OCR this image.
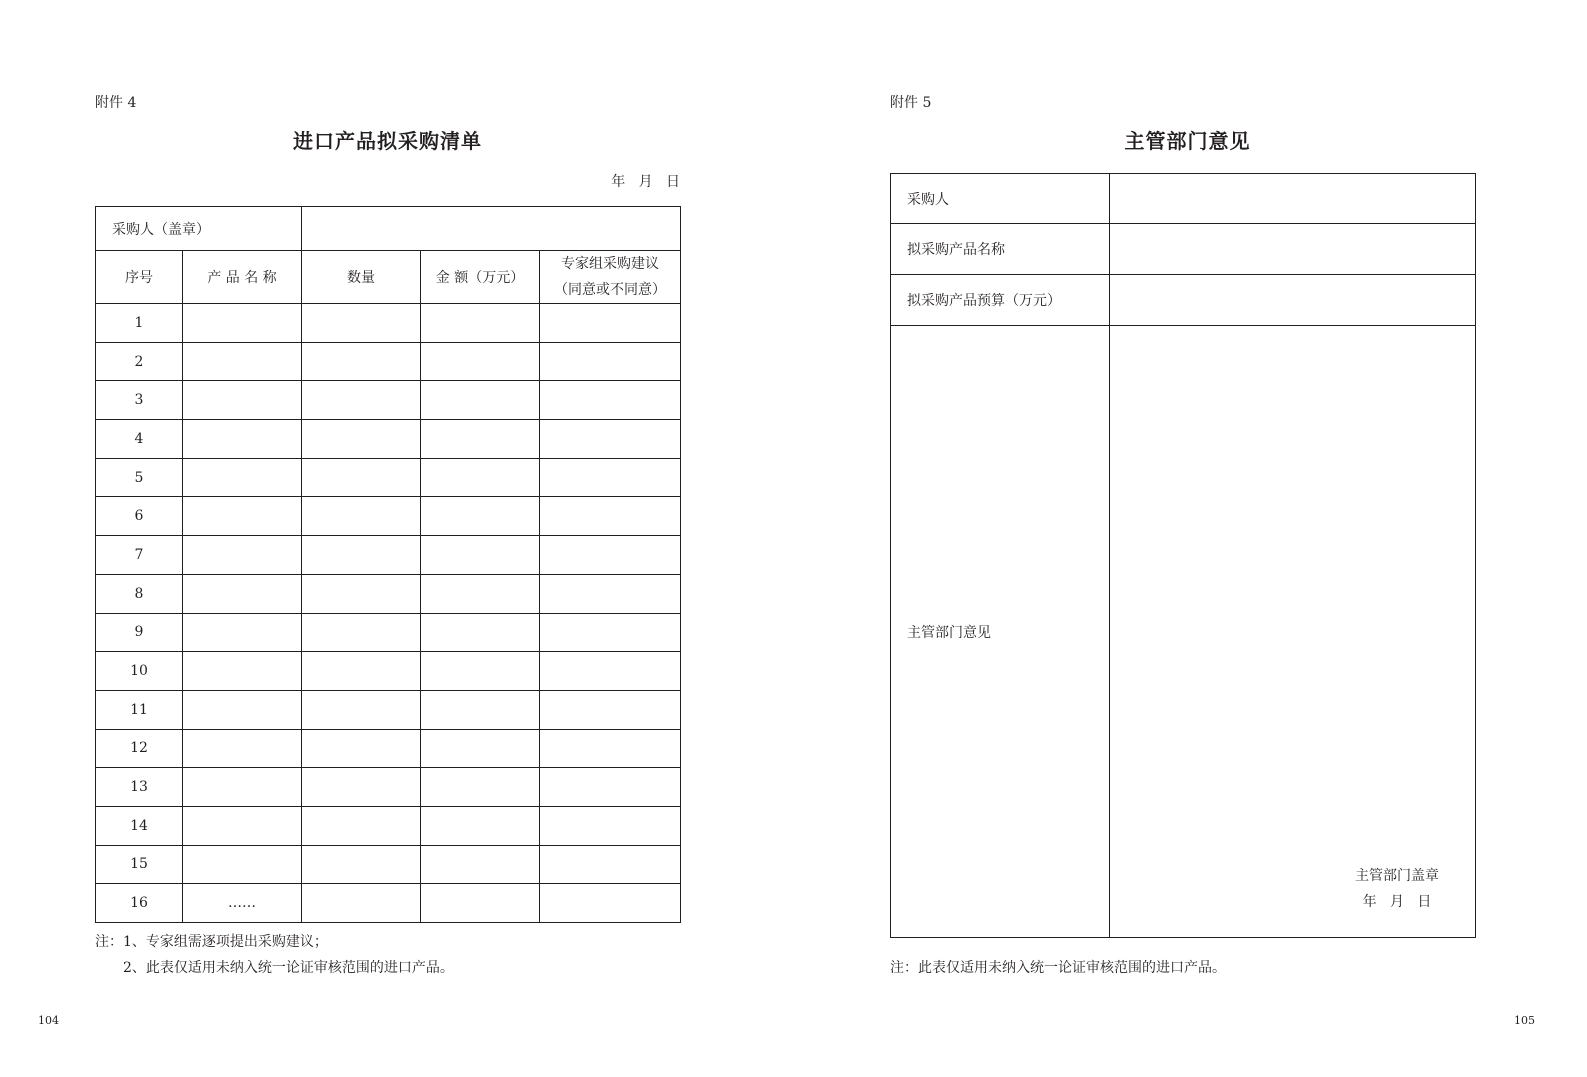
附件 4
进口产品拟采购清单
年   月   日
采购人（盖章）				
序号	产 品 名 称	数量	金 额（万元）	专家组采购建议
（同意或不同意）

1				
2				
3				
4				
5				
6				
7				
8				
9				
10				
11				
12				
13				
14				
15				
16	……			
注：1、专家组需逐项提出采购建议；
2、此表仅适用未纳入统一论证审核范围的进口产品。
104
附件 5
主管部门意见
采购人	
拟采购产品名称	
拟采购产品预算（万元）	
主管部门意见	主管部门盖章
年   月   日
注：此表仅适用未纳入统一论证审核范围的进口产品。
105
